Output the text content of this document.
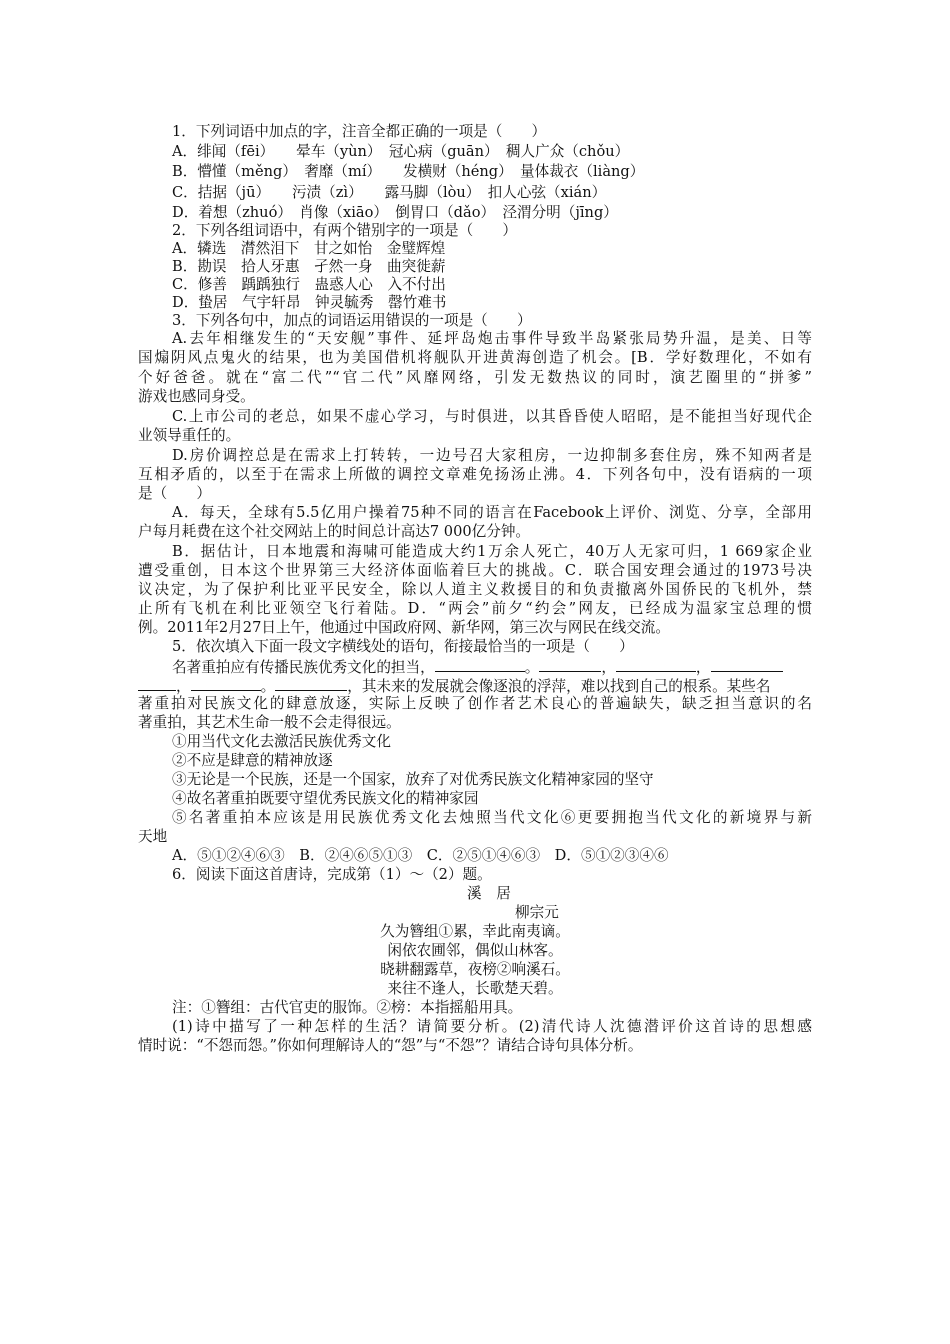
1．下列词语中加点的字，注音全都正确的一项是（　　）
A．绯闻（fēi）　　晕车（yùn）　冠心病（guān）　稠人广众（chǒu）
B．懵懂（měng）　奢靡（mí）　　发横财（héng）　量体裁衣（liàng）
C．拮据（jū）　　污渍（zì）　　露马脚（lòu）　扣人心弦（xián）
D．着想（zhuó）　肖像（xiāo）　倒胃口（dǎo）　泾渭分明（jīng）
2．下列各组词语中，有两个错别字的一项是（　　）
A．辚选　潸然泪下　甘之如怡　金璧辉煌
B．勘误　拾人牙惠　孑然一身　曲突徙薪
C．修善　踽踽独行　蛊惑人心　入不付出
D．蛰居　气宇轩昂　钟灵毓秀　罄竹难书
3．下列各句中，加点的词语运用错误的一项是（　　）
A.去年相继发生的“天安舰”事件、延坪岛炮击事件导致半岛紧张局势升温，是美、日等
国煽阴风点鬼火的结果，也为美国借机将舰队开进黄海创造了机会。[B．学好数理化，不如有
个好爸爸。就在“富二代”“官二代”风靡网络，引发无数热议的同时，演艺圈里的“拼爹”
游戏也感同身受。
C.上市公司的老总，如果不虚心学习，与时俱进，以其昏昏使人昭昭，是不能担当好现代企
业领导重任的。
D.房价调控总是在需求上打转转，一边号召大家租房，一边抑制多套住房，殊不知两者是
互相矛盾的，以至于在需求上所做的调控文章难免扬汤止沸。4．下列各句中，没有语病的一项
是（　　）
A．每天，全球有5.5亿用户操着75种不同的语言在Facebook上评价、浏览、分享，全部用
户每月耗费在这个社交网站上的时间总计高达7 000亿分钟。
B．据估计，日本地震和海啸可能造成大约1万余人死亡，40万人无家可归，1 669家企业
遭受重创，日本这个世界第三大经济体面临着巨大的挑战。C．联合国安理会通过的1973号决
议决定，为了保护利比亚平民安全，除以人道主义救援目的和负责撤离外国侨民的飞机外，禁
止所有飞机在利比亚领空飞行着陆。D．“两会”前夕“约会”网友，已经成为温家宝总理的惯
例。2011年2月27日上午，他通过中国政府网、新华网，第三次与网民在线交流。
5．依次填入下面一段文字横线处的语句，衔接最恰当的一项是（　　）
名著重拍应有传播民族优秀文化的担当，	。	，	，
，	。	，其未来的发展就会像逐浪的浮萍，难以找到自己的根系。某些名
著重拍对民族文化的肆意放逐，实际上反映了创作者艺术良心的普遍缺失，缺乏担当意识的名
著重拍，其艺术生命一般不会走得很远。
①用当代文化去激活民族优秀文化
②不应是肆意的精神放逐
③无论是一个民族，还是一个国家，放弃了对优秀民族文化精神家园的坚守
④故名著重拍既要守望优秀民族文化的精神家园
⑤名著重拍本应该是用民族优秀文化去烛照当代文化⑥更要拥抱当代文化的新境界与新
天地
A．⑤①②④⑥③　B．②④⑥⑤①③　C．②⑤①④⑥③　D．⑤①②③④⑥
6．阅读下面这首唐诗，完成第（1）～（2）题。
溪　居
柳宗元
久为簪组①累，幸此南夷谪。
闲依农圃邻，偶似山林客。
晓耕翻露草，夜榜②响溪石。
来往不逢人，长歌楚天碧。
注：①簪组：古代官吏的服饰。②榜：本指摇船用具。
(1)诗中描写了一种怎样的生活？请简要分析。(2)清代诗人沈德潜评价这首诗的思想感
情时说：“不怨而怨。”你如何理解诗人的“怨”与“不怨”？请结合诗句具体分析。
